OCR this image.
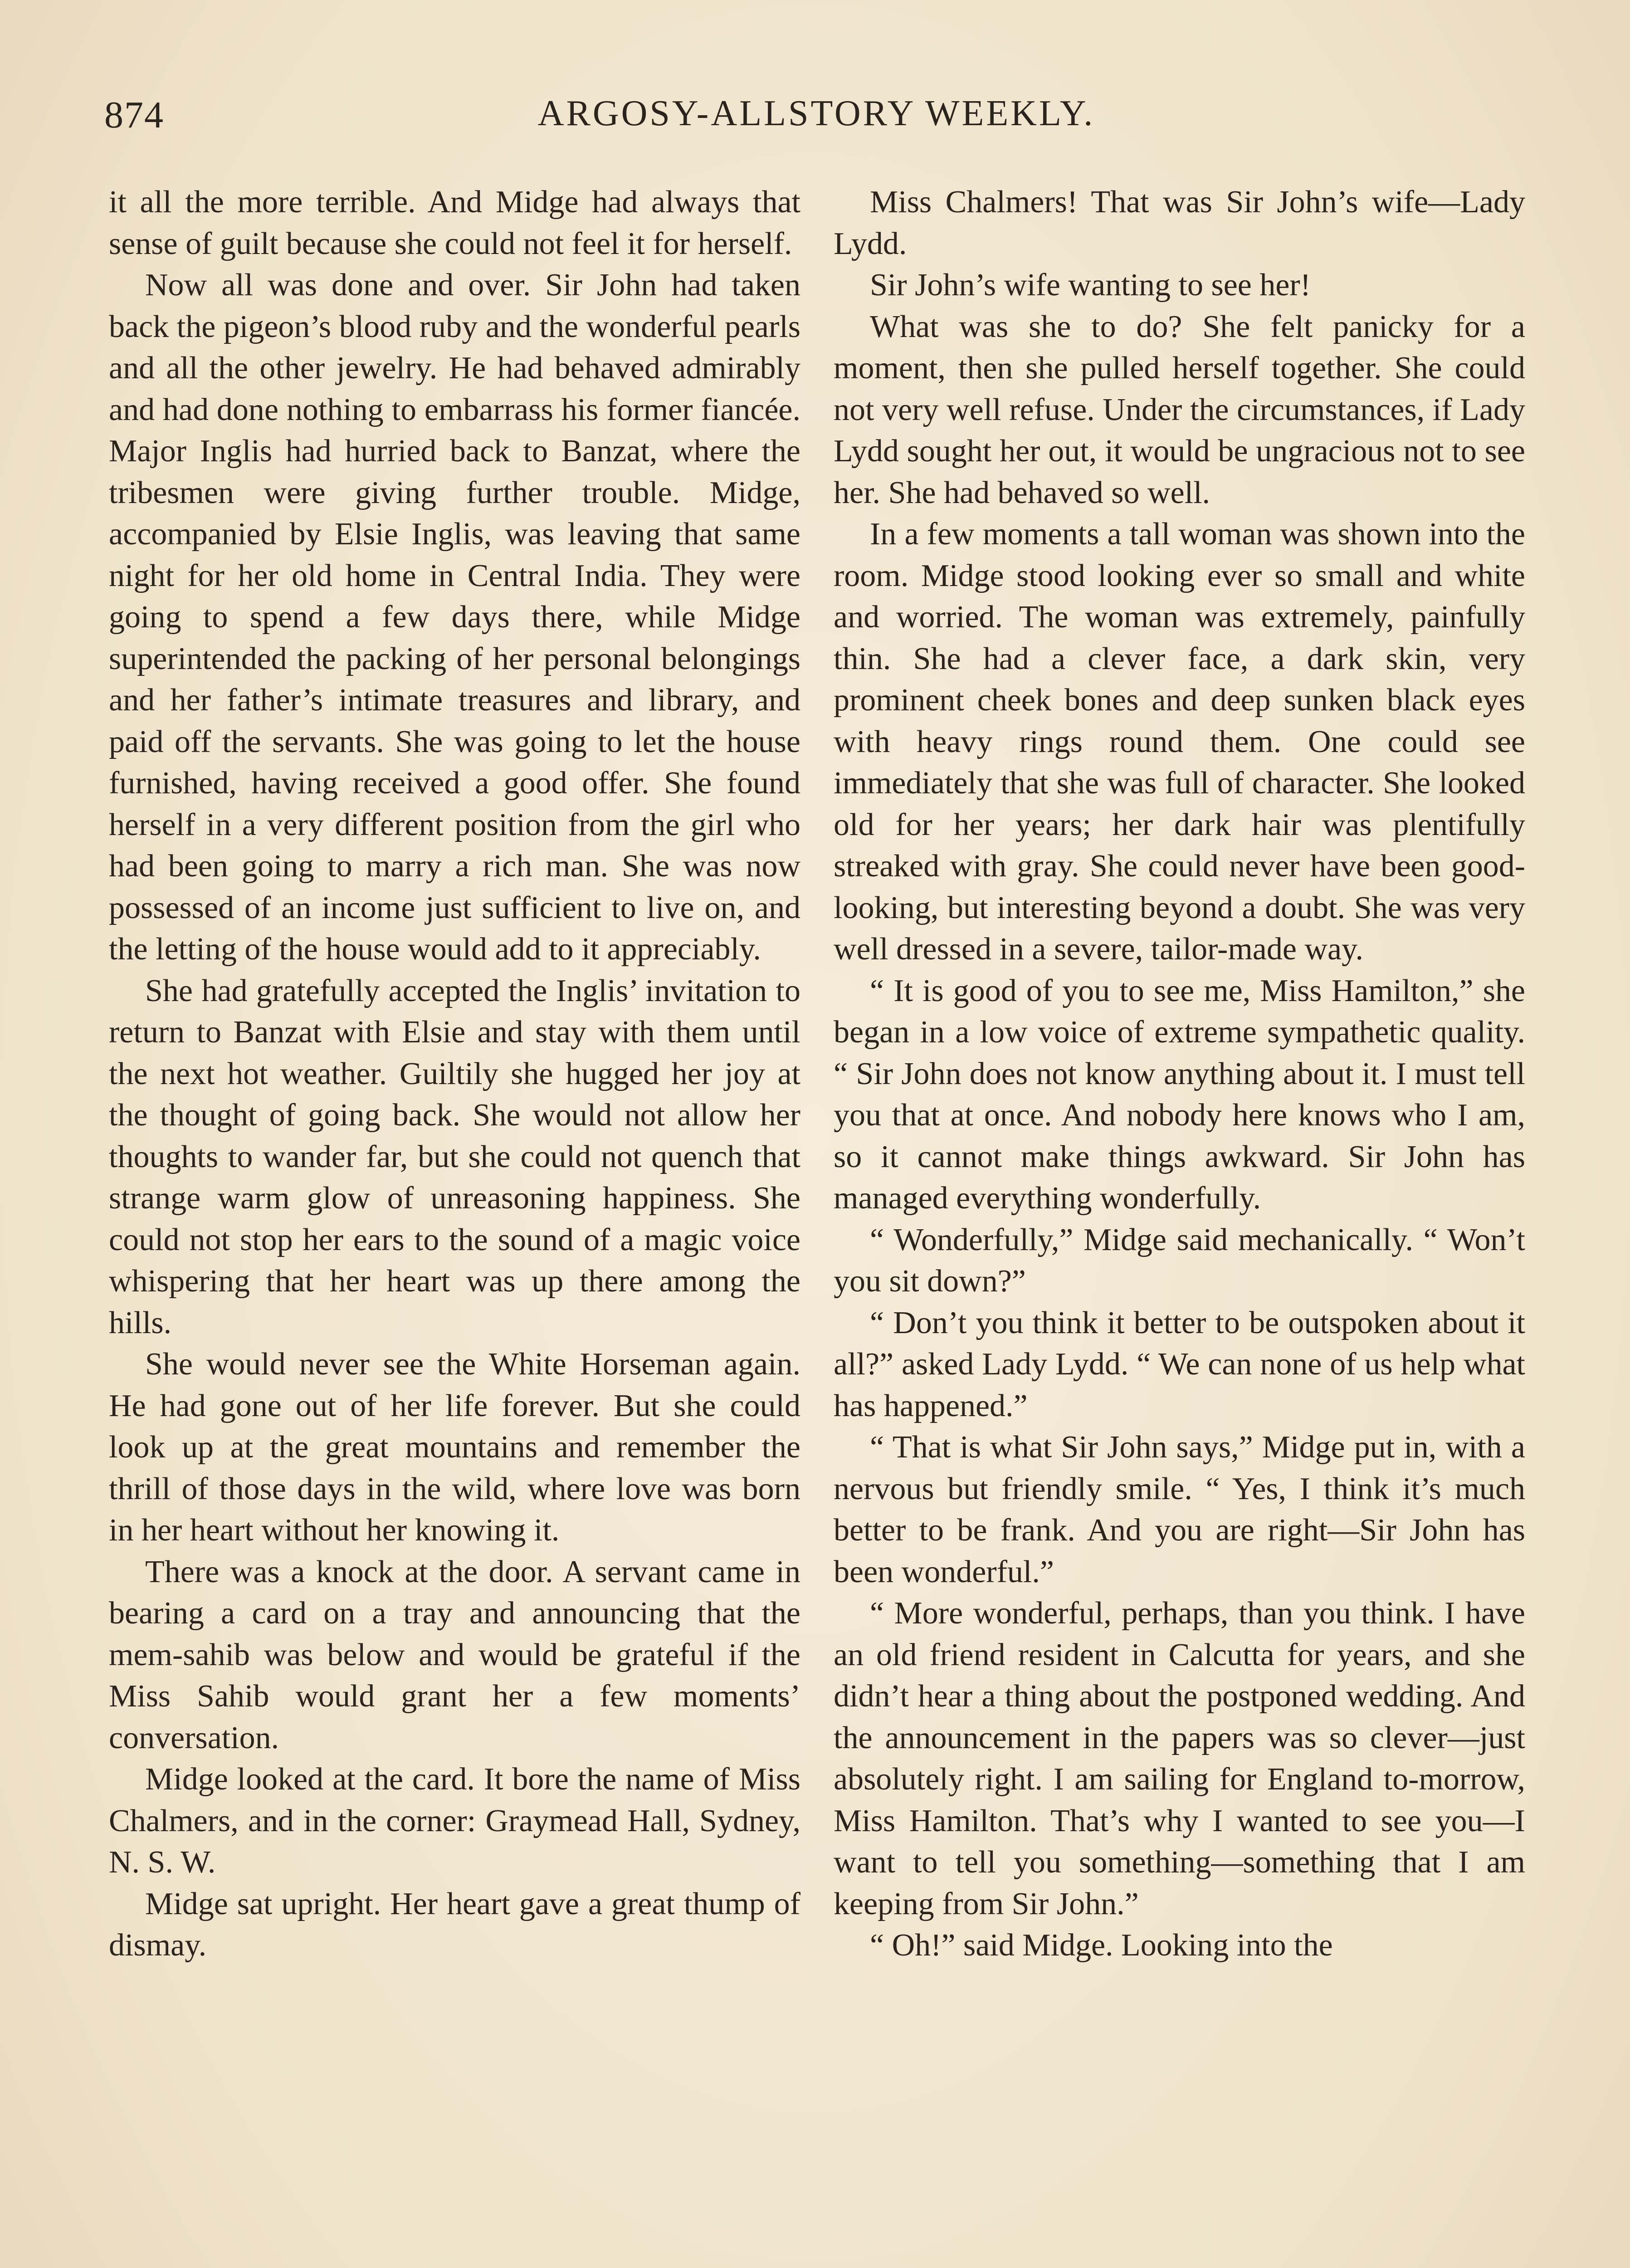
874	ARGOSY-ALLSTORY WEEKLY.

it all the more terrible. And Midge had always that sense of guilt because she could not feel it for herself.

Now all was done and over. Sir John had taken back the pigeon’s blood ruby and the wonderful pearls and all the other jewelry. He had behaved admirably and had done nothing to embarrass his former fiancée. Major Inglis had hurried back to Banzat, where the tribesmen were giving further trouble. Midge, accompanied by Elsie Inglis, was leaving that same night for her old home in Central India. They were going to spend a few days there, while Midge superintended the packing of her personal belongings and her father’s intimate treasures and library, and paid off the servants. She was going to let the house furnished, having received a good offer. She found herself in a very different position from the girl who had been going to marry a rich man. She was now possessed of an income just sufficient to live on, and the letting of the house would add to it appreciably.

She had gratefully accepted the Inglis’ invitation to return to Banzat with Elsie and stay with them until the next hot weather. Guiltily she hugged her joy at the thought of going back. She would not allow her thoughts to wander far, but she could not quench that strange warm glow of unreasoning happiness. She could not stop her ears to the sound of a magic voice whispering that her heart was up there among the hills.

She would never see the White Horseman again. He had gone out of her life forever. But she could look up at the great mountains and remember the thrill of those days in the wild, where love was born in her heart without her knowing it.

There was a knock at the door. A servant came in bearing a card on a tray and announcing that the mem-sahib was below and would be grateful if the Miss Sahib would grant her a few moments’ conversation.

Midge looked at the card. It bore the name of Miss Chalmers, and in the corner: Graymead Hall, Sydney, N. S. W.

Midge sat upright. Her heart gave a great thump of dismay.

Miss Chalmers! That was Sir John’s wife—Lady Lydd.

Sir John’s wife wanting to see her!

What was she to do? She felt panicky for a moment, then she pulled herself together. She could not very well refuse. Under the circumstances, if Lady Lydd sought her out, it would be ungracious not to see her. She had behaved so well.

In a few moments a tall woman was shown into the room. Midge stood looking ever so small and white and worried. The woman was extremely, painfully thin. She had a clever face, a dark skin, very prominent cheek bones and deep sunken black eyes with heavy rings round them. One could see immediately that she was full of character. She looked old for her years; her dark hair was plentifully streaked with gray. She could never have been good-looking, but interesting beyond a doubt. She was very well dressed in a severe, tailor-made way.

“ It is good of you to see me, Miss Hamilton,” she began in a low voice of extreme sympathetic quality. “ Sir John does not know anything about it. I must tell you that at once. And nobody here knows who I am, so it cannot make things awkward. Sir John has managed everything wonderfully.

“ Wonderfully,” Midge said mechanically. “ Won’t you sit down?”

“ Don’t you think it better to be outspoken about it all?” asked Lady Lydd. “ We can none of us help what has happened.”

“ That is what Sir John says,” Midge put in, with a nervous but friendly smile. “ Yes, I think it’s much better to be frank. And you are right—Sir John has been wonderful.”

“ More wonderful, perhaps, than you think. I have an old friend resident in Calcutta for years, and she didn’t hear a thing about the postponed wedding. And the announcement in the papers was so clever—just absolutely right. I am sailing for England to-morrow, Miss Hamilton. That’s why I wanted to see you—I want to tell you something—something that I am keeping from Sir John.”

“ Oh!” said Midge. Looking into the
